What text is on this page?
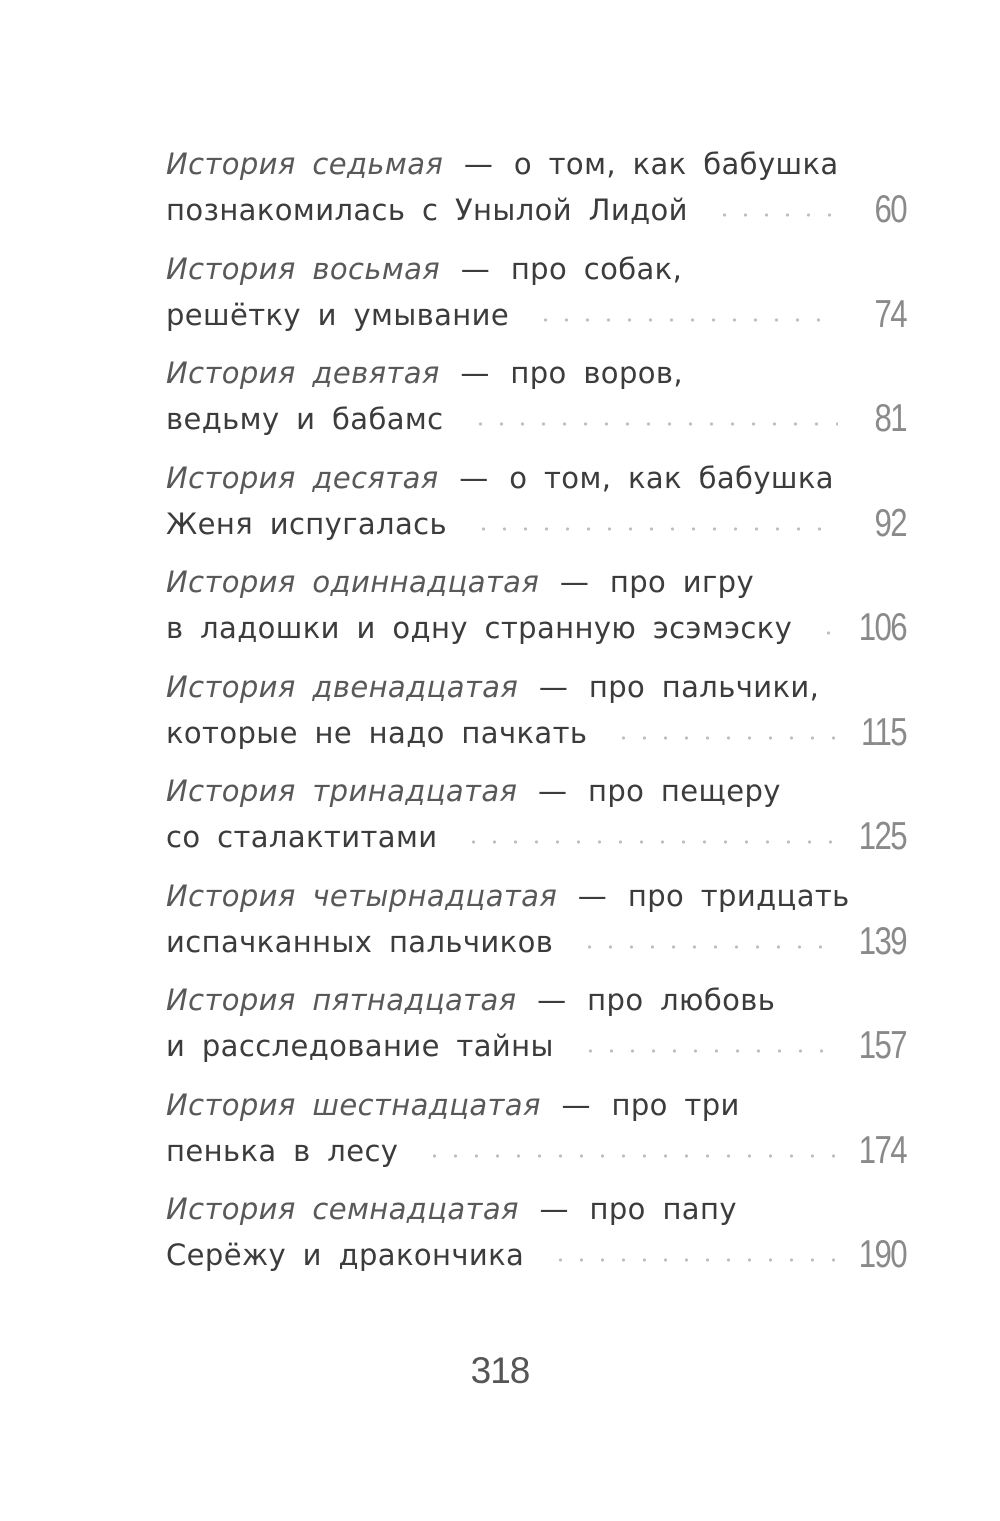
История седьмая — о том, как бабушка
познакомилась с Унылой Лидой	60
История восьмая — про собак,
решётку и умывание	74
История девятая — про воров,
ведьму и бабамс	81
История десятая — о том, как бабушка
Женя испугалась	92
История одиннадцатая — про игру
в ладошки и одну странную эсэмэску	106
История двенадцатая — про пальчики,
которые не надо пачкать	115
История тринадцатая — про пещеру
со сталактитами	125
История четырнадцатая — про тридцать
испачканных пальчиков	139
История пятнадцатая — про любовь
и расследование тайны	157
История шестнадцатая — про три
пенька в лесу	174
История семнадцатая — про папу
Серёжу и дракончика	190
318
